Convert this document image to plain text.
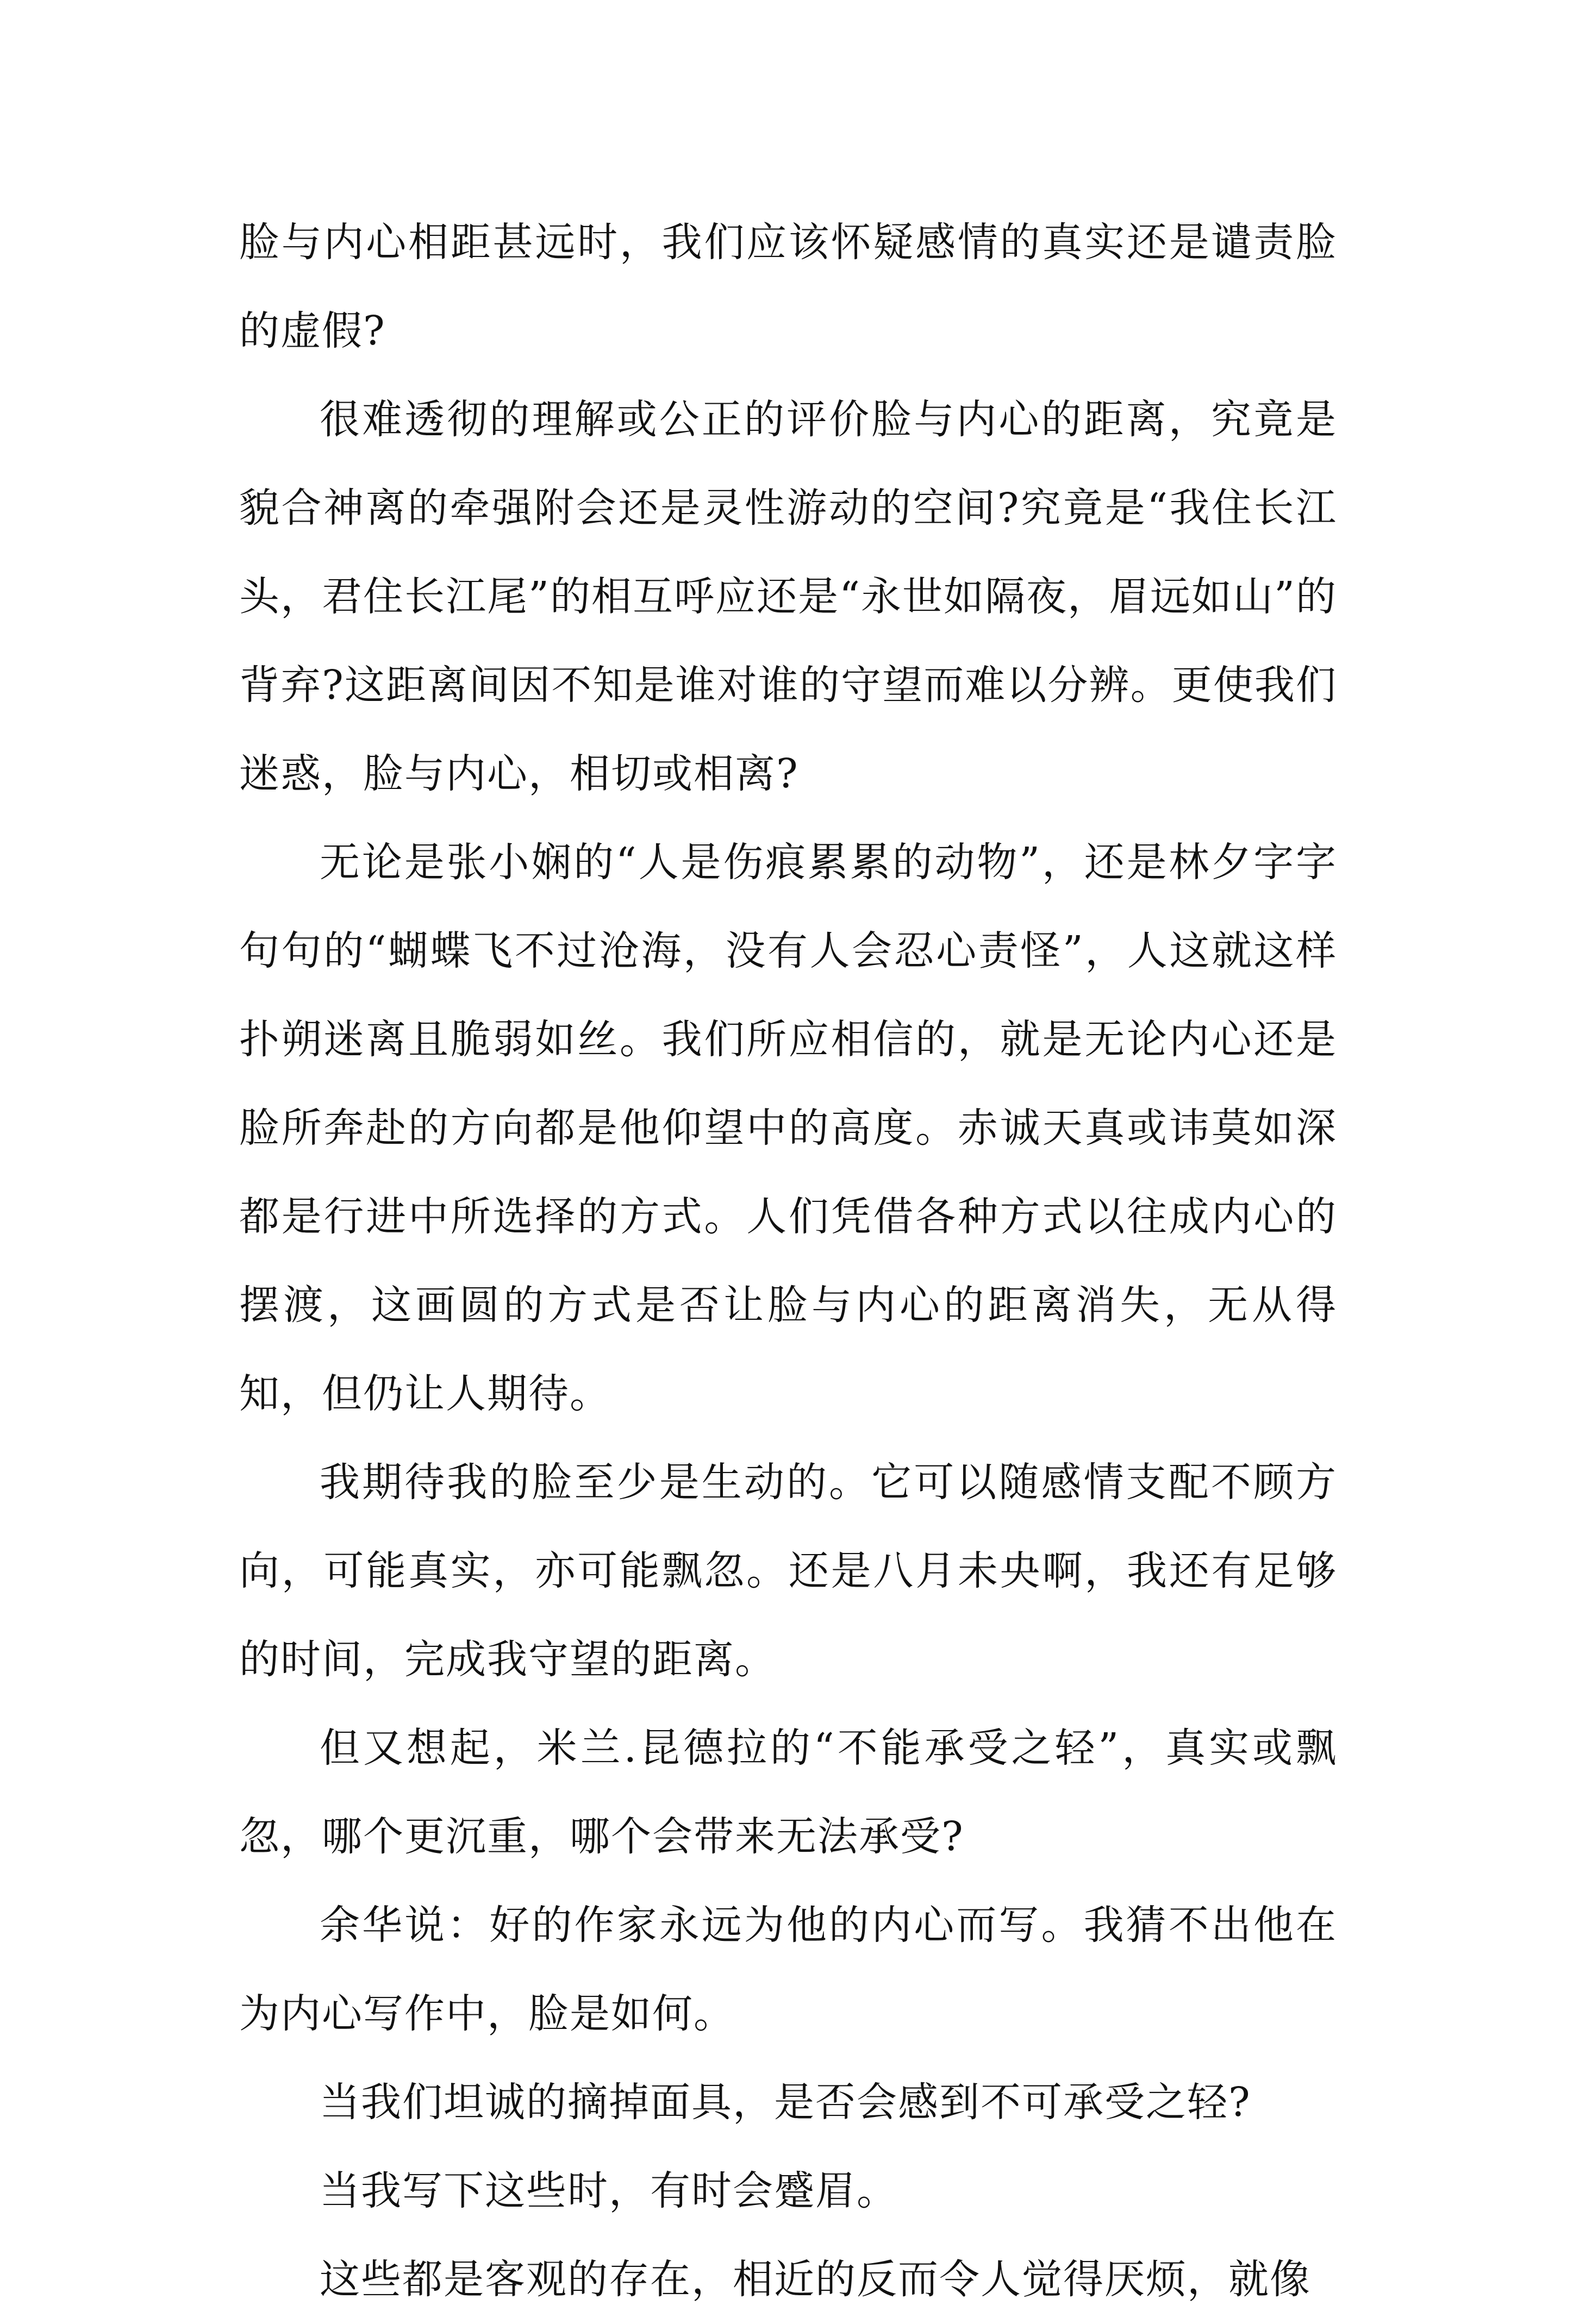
脸与内心相距甚远时，我们应该怀疑感情的真实还是谴责脸的虚假?

很难透彻的理解或公正的评价脸与内心的距离，究竟是貌合神离的牵强附会还是灵性游动的空间?究竟是“我住长江头，君住长江尾”的相互呼应还是“永世如隔夜，眉远如山”的背弃?这距离间因不知是谁对谁的守望而难以分辨。更使我们迷惑，脸与内心，相切或相离?

无论是张小娴的“人是伤痕累累的动物”，还是林夕字字句句的“蝴蝶飞不过沧海，没有人会忍心责怪”，人这就这样扑朔迷离且脆弱如丝。我们所应相信的，就是无论内心还是脸所奔赴的方向都是他仰望中的高度。赤诚天真或讳莫如深都是行进中所选择的方式。人们凭借各种方式以往成内心的摆渡，这画圆的方式是否让脸与内心的距离消失，无从得知，但仍让人期待。

我期待我的脸至少是生动的。它可以随感情支配不顾方向，可能真实，亦可能飘忽。还是八月未央啊，我还有足够的时间，完成我守望的距离。

但又想起，米兰.昆德拉的“不能承受之轻”，真实或飘忽，哪个更沉重，哪个会带来无法承受?

余华说：好的作家永远为他的内心而写。我猜不出他在为内心写作中，脸是如何。

当我们坦诚的摘掉面具，是否会感到不可承受之轻?

当我写下这些时，有时会蹙眉。

这些都是客观的存在，相近的反而令人觉得厌烦，就像
